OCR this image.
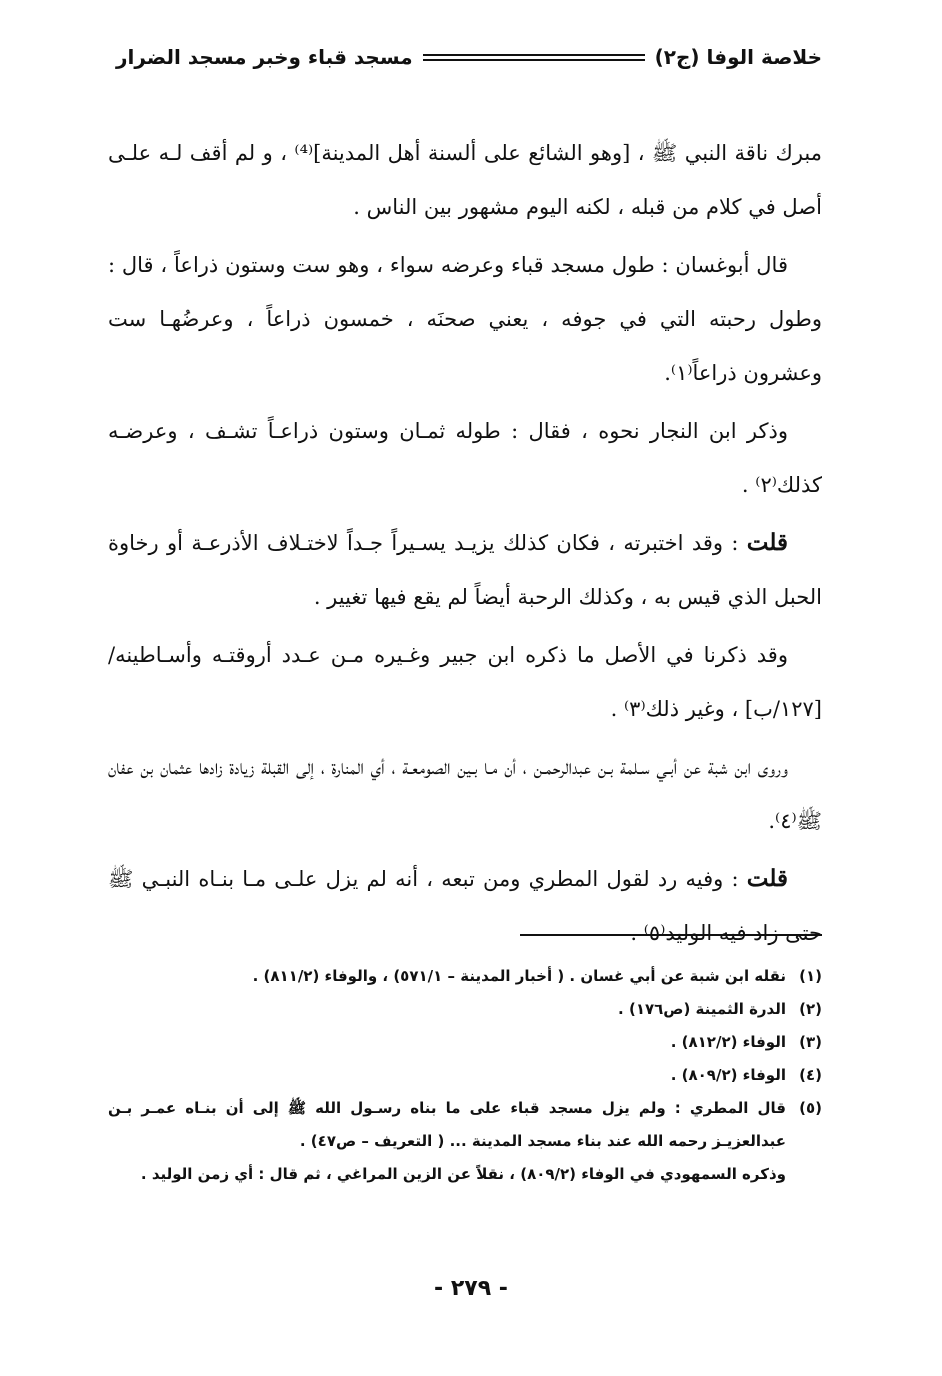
خلاصة الوفا (ج٢)
مسجد قباء وخبر مسجد الضرار

مبرك ناقة النبي ﷺ ، [وهو الشائع على ألسنة أهل المدينة]⁽⁴⁾ ، و لم أقف لـه علـى أصل في كلام من قبله ، لكنه اليوم مشهور بين الناس .

قال أبوغسان : طول مسجد قباء وعرضه سواء ، وهو ست وستون ذراعاً ، قال : وطول رحبته التي في جوفه ، يعني صحنَه ، خمسون ذراعاً ، وعرضُهـا ست وعشرون ذراعاً⁽١⁾.

وذكر ابن النجار نحوه ، فقال : طوله ثمـان وستون ذراعـاً تشـف ، وعرضـه كذلك⁽٢⁾ .

قلت : وقد اختبرته ، فكان كذلك يزيـد يسـيراً جـداً لاختـلاف الأذرعـة أو رخاوة الحبل الذي قيس به ، وكذلك الرحبة أيضاً لم يقع فيها تغيير .

وقد ذكرنا في الأصل ما ذكره ابن جبير وغـيره مـن عـدد أروقتـه وأسـاطينه/ [١٢٧/ب] ، وغير ذلك⁽٣⁾ .

وروى ابن شبة عن أبـي سـلمة بـن عبدالرحمـن ، أن مـا بـين الصومعـة ، أي المنارة ، إلى القبلة زيادة زادها عثمان بن عفان ﷺ⁽٤⁾.

قلت : وفيه رد لقول المطري ومن تبعه ، أنه لم يزل علـى مـا بنـاه النبـي ﷺ حتى زاد فيه الوليد⁽٥⁾ .

(١)
نقله ابن شبة عن أبي غسان . ( أخبار المدينة – ٥٧١/١) ، والوفاء (٨١١/٢) .
(٢)
الدرة الثمينة (ص١٧٦) .
(٣)
الوفاء (٨١٢/٢) .
(٤)
الوفاء (٨٠٩/٢) .
(٥)
قال المطري : ولم يزل مسجد قباء على ما بناه رسـول الله ﷺ إلى أن بنـاه عمـر بـن عبدالعزيـز رحمه الله عند بناء مسجد المدينة ... ( التعريف – ص٤٧) .
وذكره السمهودي في الوفاء (٨٠٩/٢) ، نقلاً عن الزين المراغي ، ثم قال : أي زمن الوليد .
- ٢٧٩ -
